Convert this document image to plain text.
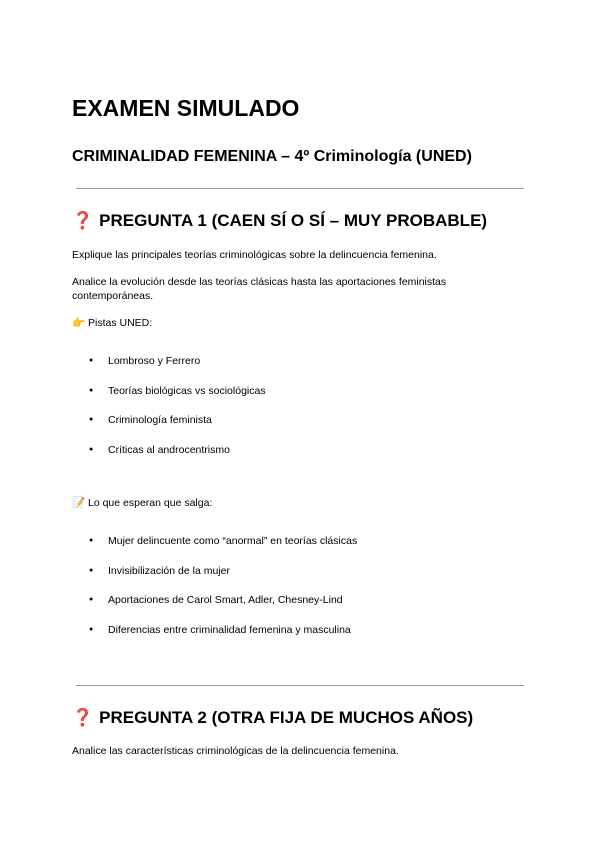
EXAMEN SIMULADO
CRIMINALIDAD FEMENINA – 4º Criminología (UNED)
❓ PREGUNTA 1 (CAEN SÍ O SÍ – MUY PROBABLE)

Explique las principales teorías criminológicas sobre la delincuencia femenina.

Analice la evolución desde las teorías clásicas hasta las aportaciones feministas contemporáneas.

👉 Pistas UNED:
● Lombroso y Ferrero
● Teorías biológicas vs sociológicas
● Criminología feminista
● Críticas al androcentrismo
📝 Lo que esperan que salga:
● Mujer delincuente como “anormal” en teorías clásicas
● Invisibilización de la mujer
● Aportaciones de Carol Smart, Adler, Chesney-Lind
● Diferencias entre criminalidad femenina y masculina
❓ PREGUNTA 2 (OTRA FIJA DE MUCHOS AÑOS)

Analice las características criminológicas de la delincuencia femenina.
